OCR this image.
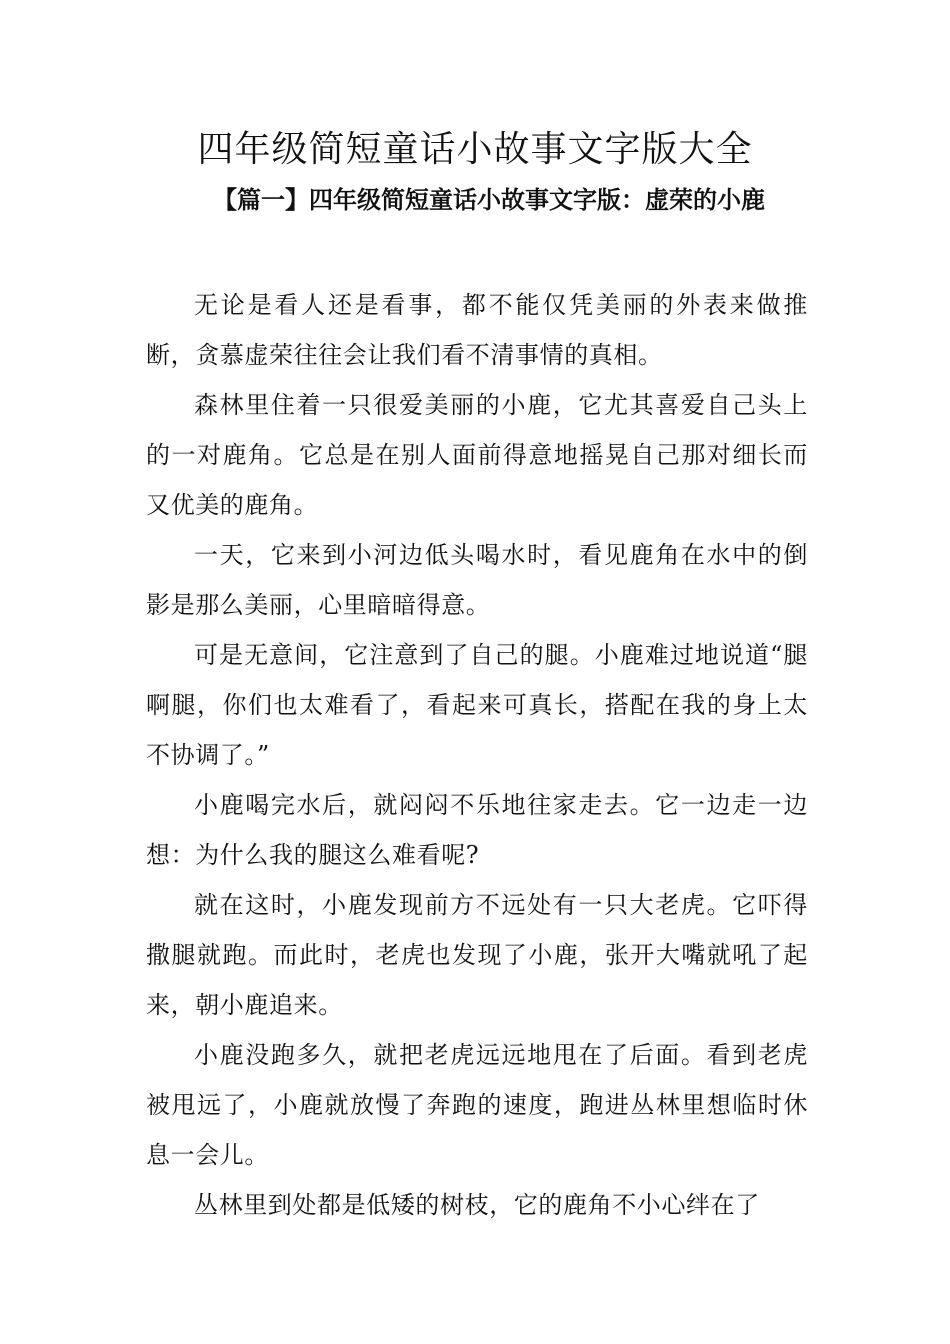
四年级简短童话小故事文字版大全
【篇一】四年级简短童话小故事文字版：虚荣的小鹿

无论是看人还是看事，都不能仅凭美丽的外表来做推断，贪慕虚荣往往会让我们看不清事情的真相。

森林里住着一只很爱美丽的小鹿，它尤其喜爱自己头上的一对鹿角。它总是在别人面前得意地摇晃自己那对细长而又优美的鹿角。

一天，它来到小河边低头喝水时，看见鹿角在水中的倒影是那么美丽，心里暗暗得意。

可是无意间，它注意到了自己的腿。小鹿难过地说道“腿啊腿，你们也太难看了，看起来可真长，搭配在我的身上太不协调了。”

小鹿喝完水后，就闷闷不乐地往家走去。它一边走一边想：为什么我的腿这么难看呢?

就在这时，小鹿发现前方不远处有一只大老虎。它吓得撒腿就跑。而此时，老虎也发现了小鹿，张开大嘴就吼了起来，朝小鹿追来。

小鹿没跑多久，就把老虎远远地甩在了后面。看到老虎被甩远了，小鹿就放慢了奔跑的速度，跑进丛林里想临时休息一会儿。

丛林里到处都是低矮的树枝，它的鹿角不小心绊在了
